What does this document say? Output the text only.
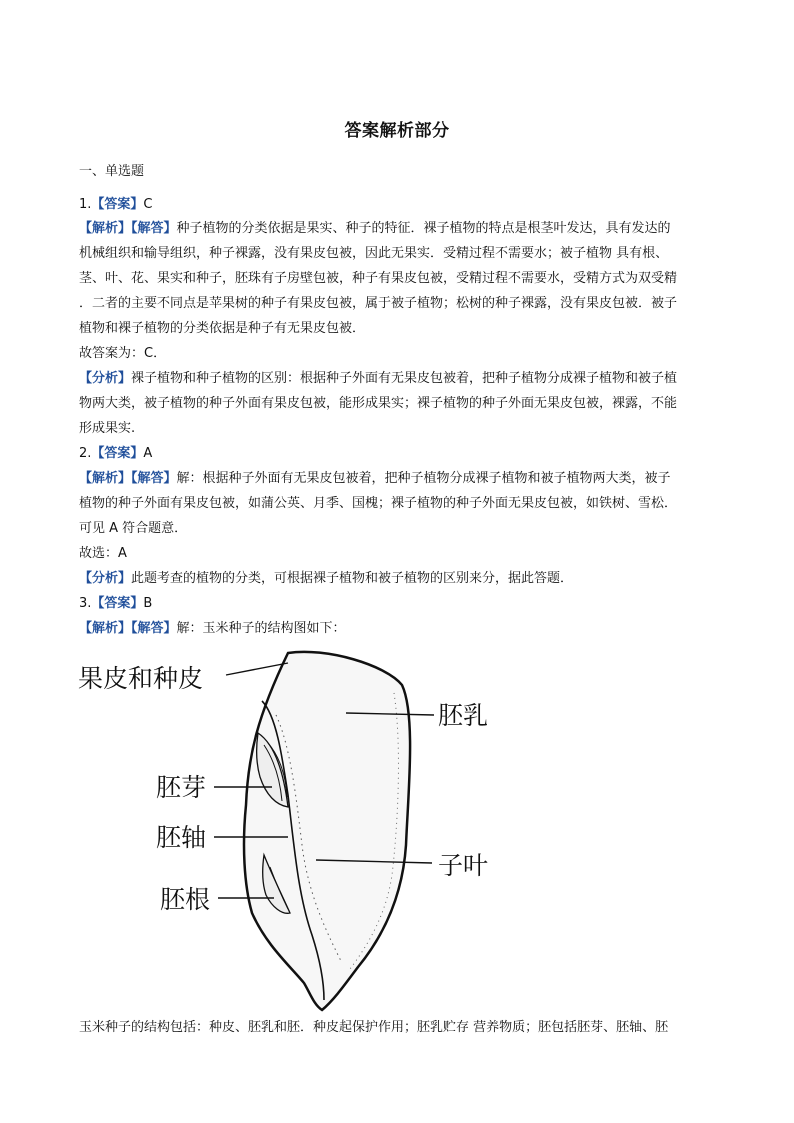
答案解析部分
一、单选题
1.【答案】C
【解析】【解答】种子植物的分类依据是果实、种子的特征．裸子植物的特点是根茎叶发达，具有发达的
机械组织和输导组织，种子裸露，没有果皮包被，因此无果实．受精过程不需要水；被子植物 具有根、
茎、叶、花、果实和种子，胚珠有子房壁包被，种子有果皮包被，受精过程不需要水，受精方式为双受精
．二者的主要不同点是苹果树的种子有果皮包被，属于被子植物；松树的种子裸露，没有果皮包被．被子
植物和裸子植物的分类依据是种子有无果皮包被．
故答案为：C．
【分析】裸子植物和种子植物的区别：根据种子外面有无果皮包被着，把种子植物分成裸子植物和被子植
物两大类，被子植物的种子外面有果皮包被，能形成果实；裸子植物的种子外面无果皮包被，裸露，不能
形成果实.
2.【答案】A
【解析】【解答】解：根据种子外面有无果皮包被着，把种子植物分成裸子植物和被子植物两大类，被子
植物的种子外面有果皮包被，如蒲公英、月季、国槐；裸子植物的种子外面无果皮包被，如铁树、雪松．
可见 A 符合题意．
故选：A
【分析】此题考查的植物的分类，可根据裸子植物和被子植物的区别来分，据此答题．
3.【答案】B
【解析】【解答】解：玉米种子的结构图如下：
果皮和种皮
胚乳
胚芽
胚轴
子叶
胚根
玉米种子的结构包括：种皮、胚乳和胚．种皮起保护作用；胚乳贮存 营养物质；胚包括胚芽、胚轴、胚
